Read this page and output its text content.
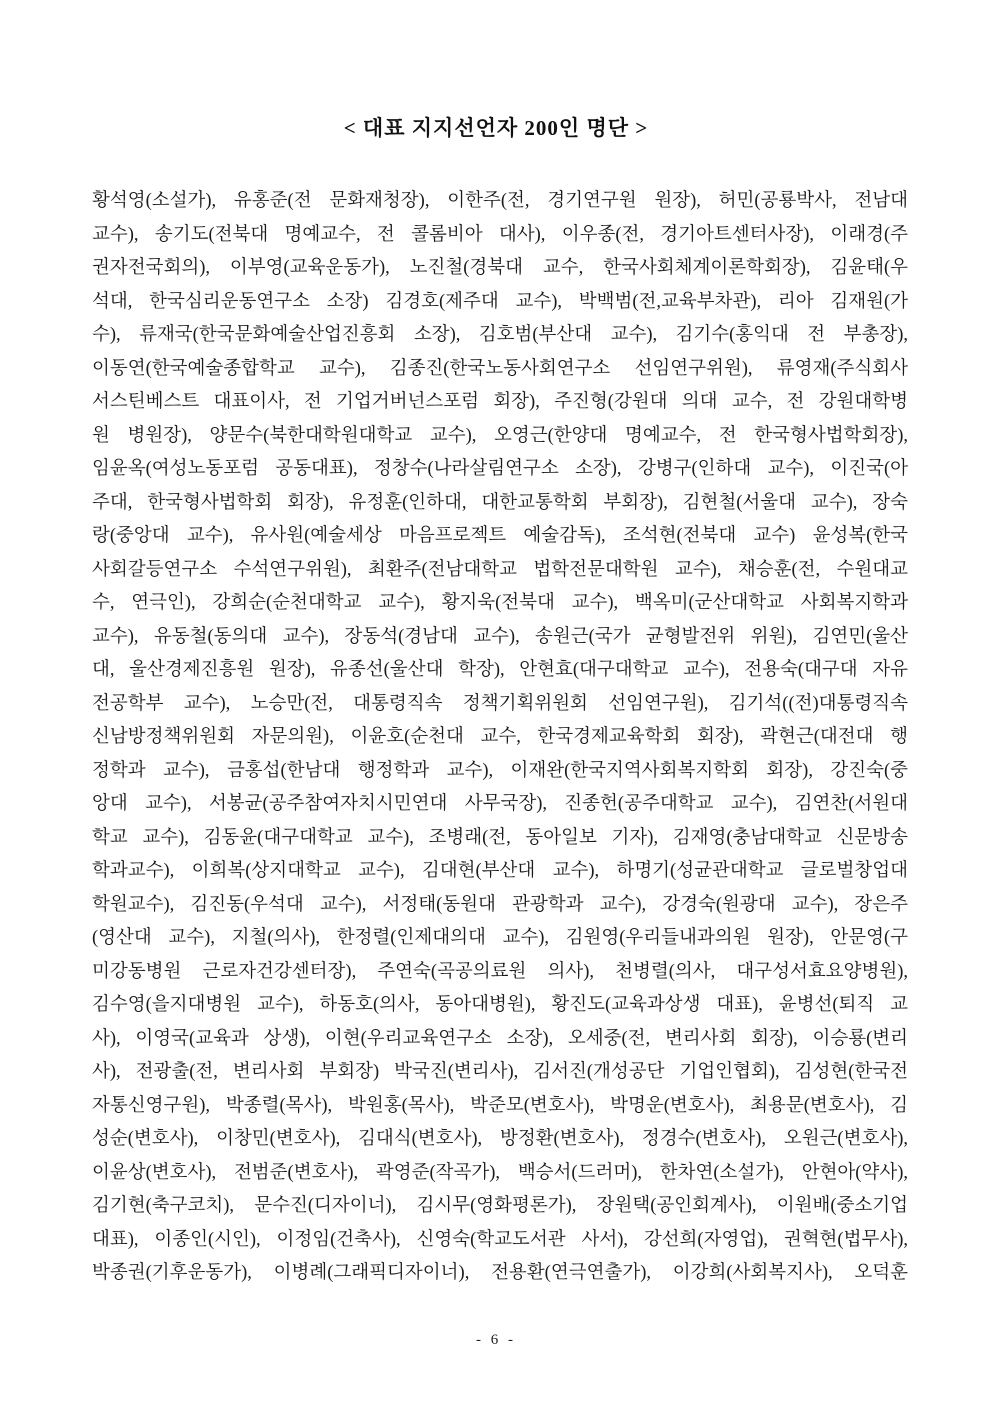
< 대표 지지선언자 200인 명단 >
황석영(소설가), 유홍준(전 문화재청장), 이한주(전, 경기연구원 원장), 허민(공룡박사, 전남대
교수), 송기도(전북대 명예교수, 전 콜롬비아 대사), 이우종(전, 경기아트센터사장), 이래경(주
권자전국회의), 이부영(교육운동가), 노진철(경북대 교수, 한국사회체계이론학회장), 김윤태(우
석대, 한국심리운동연구소 소장) 김경호(제주대 교수), 박백범(전,교육부차관), 리아 김재원(가
수), 류재국(한국문화예술산업진흥회 소장), 김호범(부산대 교수), 김기수(홍익대 전 부총장),
이동연(한국예술종합학교 교수), 김종진(한국노동사회연구소 선임연구위원), 류영재(주식회사
서스틴베스트 대표이사, 전 기업거버넌스포럼 회장), 주진형(강원대 의대 교수, 전 강원대학병
원 병원장), 양문수(북한대학원대학교 교수), 오영근(한양대 명예교수, 전 한국형사법학회장),
임윤옥(여성노동포럼 공동대표), 정창수(나라살림연구소 소장), 강병구(인하대 교수), 이진국(아
주대, 한국형사법학회 회장), 유정훈(인하대, 대한교통학회 부회장), 김현철(서울대 교수), 장숙
랑(중앙대 교수), 유사원(예술세상 마음프로젝트 예술감독), 조석현(전북대 교수) 윤성복(한국
사회갈등연구소 수석연구위원), 최환주(전남대학교 법학전문대학원 교수), 채승훈(전, 수원대교
수, 연극인), 강희순(순천대학교 교수), 황지욱(전북대 교수), 백옥미(군산대학교 사회복지학과
교수), 유동철(동의대 교수), 장동석(경남대 교수), 송원근(국가 균형발전위 위원), 김연민(울산
대, 울산경제진흥원 원장), 유종선(울산대 학장), 안현효(대구대학교 교수), 전용숙(대구대 자유
전공학부 교수), 노승만(전, 대통령직속 정책기획위원회 선임연구원), 김기석((전)대통령직속
신남방정책위원회 자문의원), 이윤호(순천대 교수, 한국경제교육학회 회장), 곽현근(대전대 행
정학과 교수), 금홍섭(한남대 행정학과 교수), 이재완(한국지역사회복지학회 회장), 강진숙(중
앙대 교수), 서봉균(공주참여자치시민연대 사무국장), 진종헌(공주대학교 교수), 김연찬(서원대
학교 교수), 김동윤(대구대학교 교수), 조병래(전, 동아일보 기자), 김재영(충남대학교 신문방송
학과교수), 이희복(상지대학교 교수), 김대현(부산대 교수), 하명기(성균관대학교 글로벌창업대
학원교수), 김진동(우석대 교수), 서정태(동원대 관광학과 교수), 강경숙(원광대 교수), 장은주
(영산대 교수), 지철(의사), 한정렬(인제대의대 교수), 김원영(우리들내과의원 원장), 안문영(구
미강동병원 근로자건강센터장), 주연숙(곡공의료원 의사), 천병렬(의사, 대구성서효요양병원),
김수영(을지대병원 교수), 하동호(의사, 동아대병원), 황진도(교육과상생 대표), 윤병선(퇴직 교
사), 이영국(교육과 상생), 이현(우리교육연구소 소장), 오세중(전, 변리사회 회장), 이승룡(변리
사), 전광출(전, 변리사회 부회장) 박국진(변리사), 김서진(개성공단 기업인협회), 김성현(한국전
자통신영구원), 박종렬(목사), 박원홍(목사), 박준모(변호사), 박명운(변호사), 최용문(변호사), 김
성순(변호사), 이창민(변호사), 김대식(변호사), 방정환(변호사), 정경수(변호사), 오원근(변호사),
이윤상(변호사), 전범준(변호사), 곽영준(작곡가), 백승서(드러머), 한차연(소설가), 안현아(약사),
김기현(축구코치), 문수진(디자이너), 김시무(영화평론가), 장원택(공인회계사), 이원배(중소기업
대표), 이종인(시인), 이정임(건축사), 신영숙(학교도서관 사서), 강선희(자영업), 권혁현(법무사),
박종권(기후운동가), 이병례(그래픽디자이너), 전용환(연극연출가), 이강희(사회복지사), 오덕훈
- 6 -
